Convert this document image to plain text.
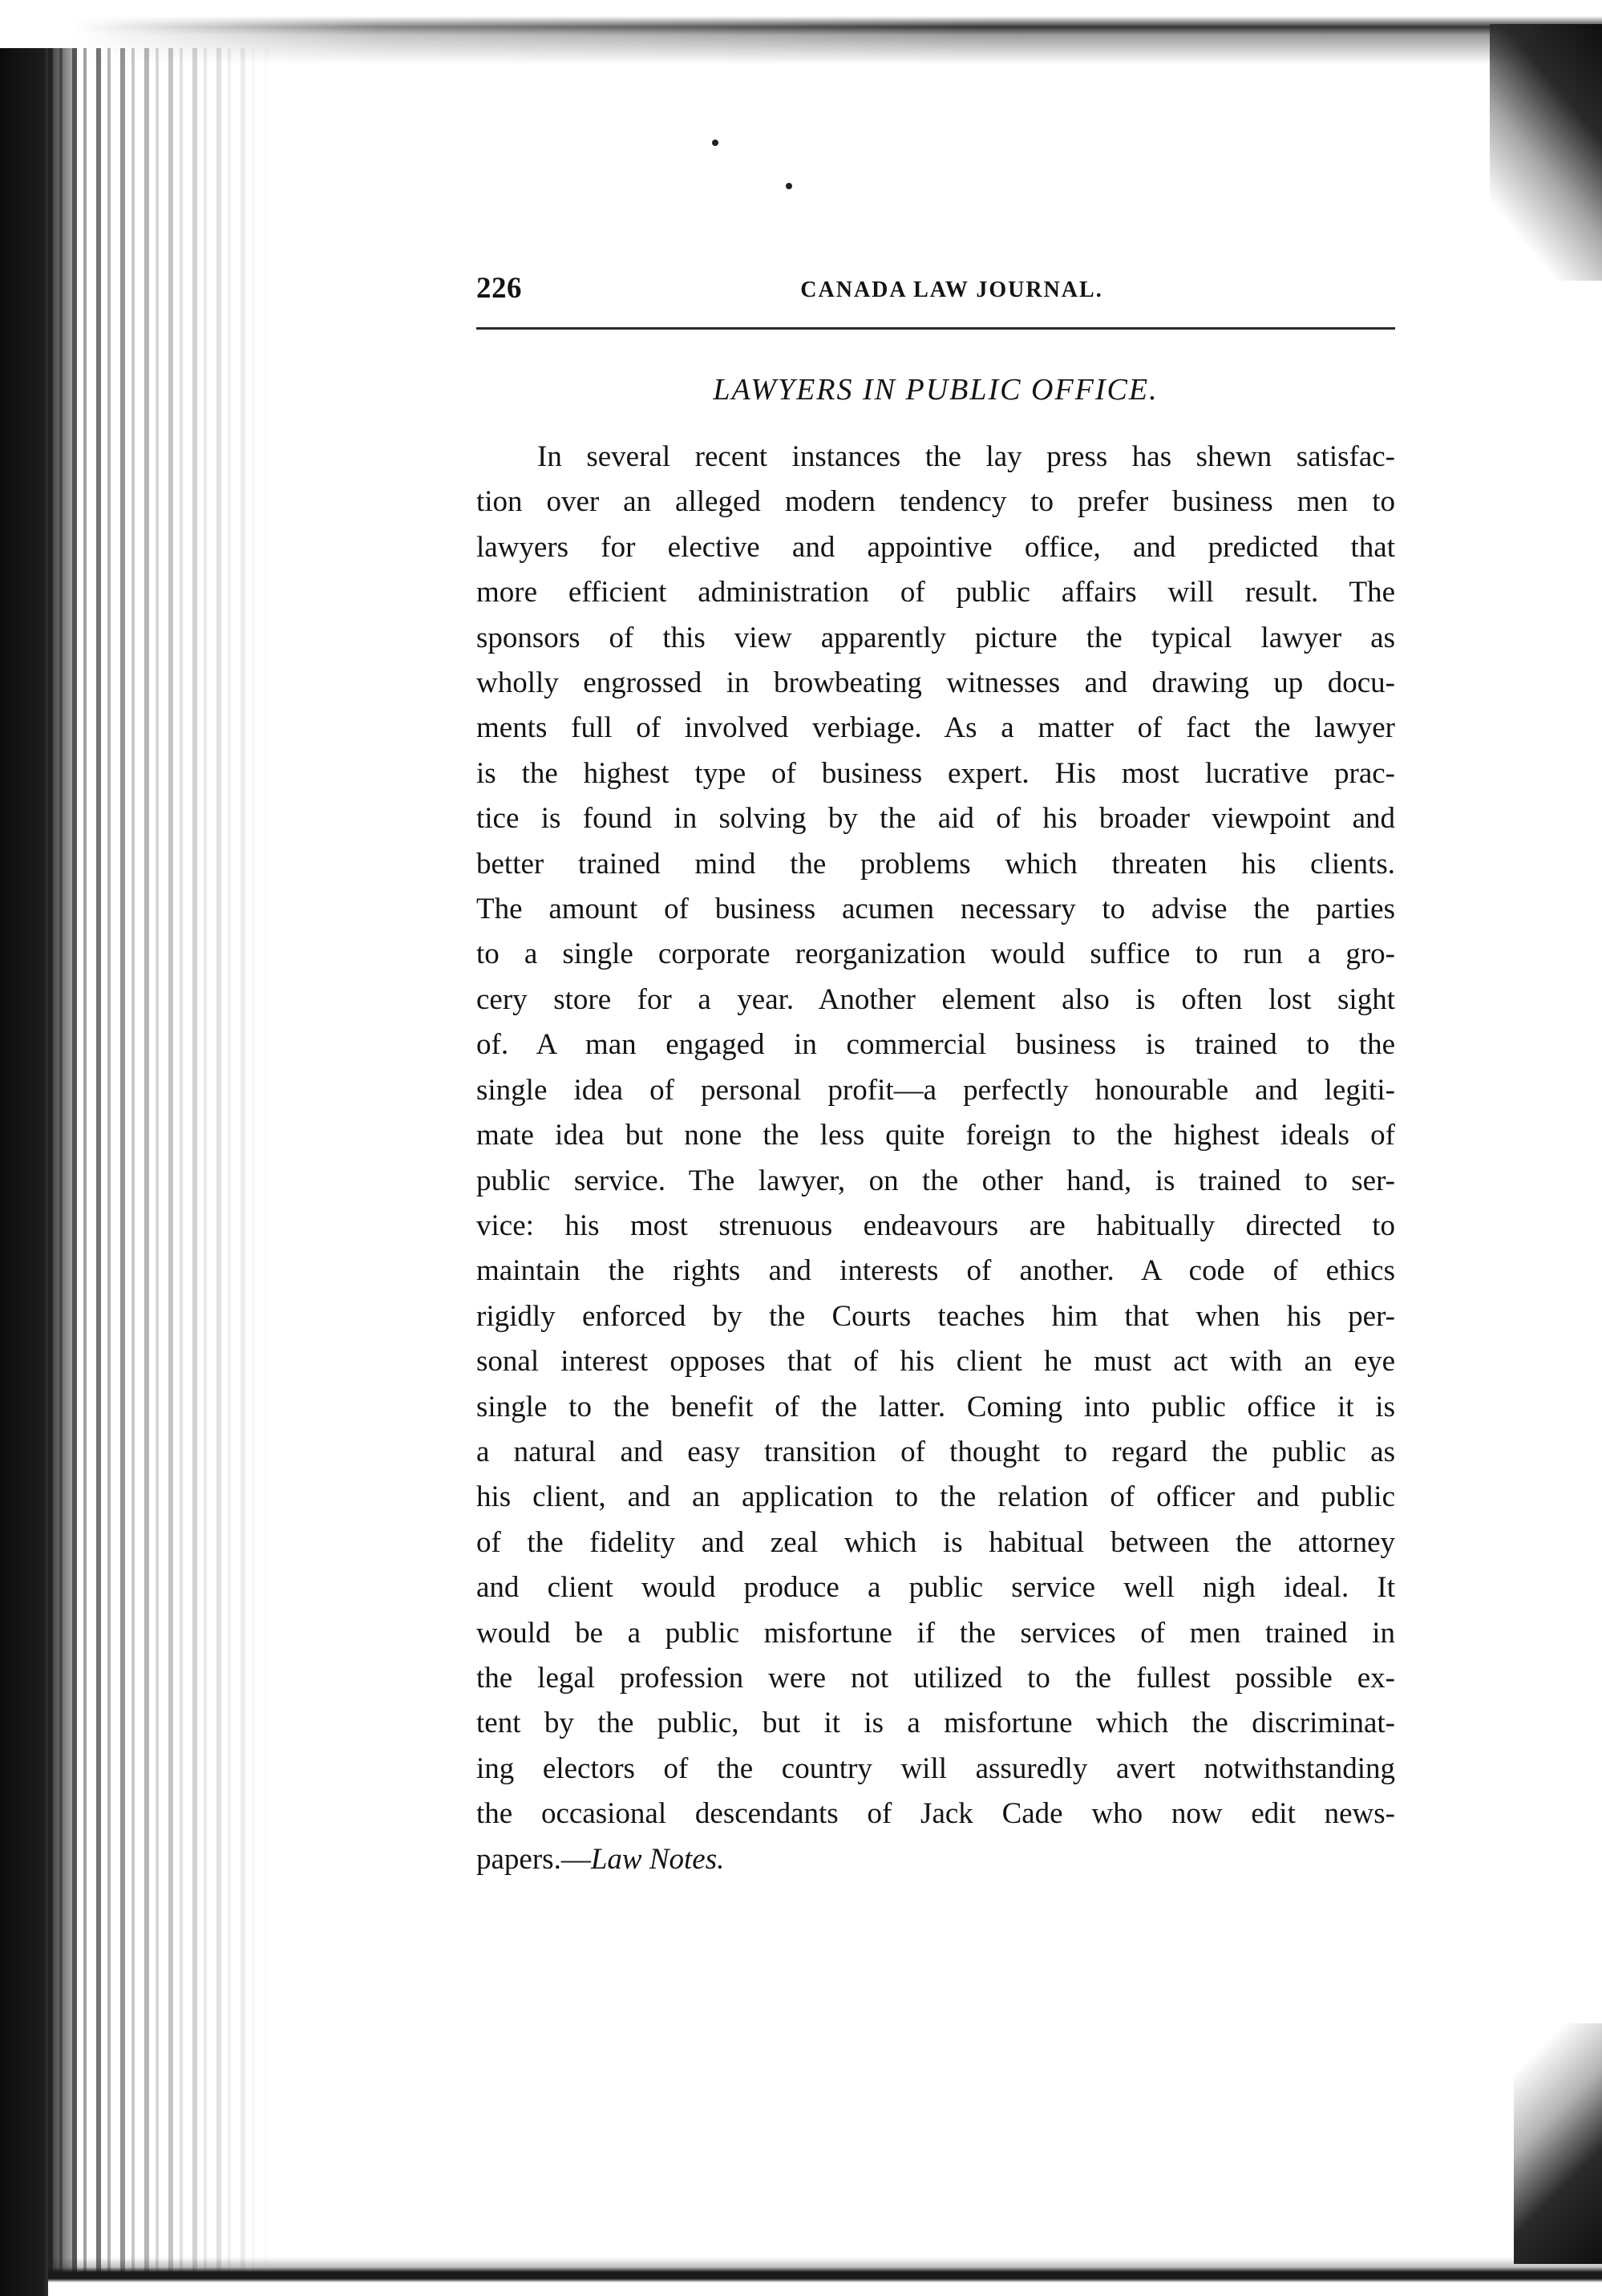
226	CANADA LAW JOURNAL.
LAWYERS IN PUBLIC OFFICE.
In several recent instances the lay press has shewn satisfac-
tion over an alleged modern tendency to prefer business men to
lawyers for elective and appointive office, and predicted that
more efficient administration of public affairs will result. The
sponsors of this view apparently picture the typical lawyer as
wholly engrossed in browbeating witnesses and drawing up docu-
ments full of involved verbiage. As a matter of fact the lawyer
is the highest type of business expert. His most lucrative prac-
tice is found in solving by the aid of his broader viewpoint and
better trained mind the problems which threaten his clients.
The amount of business acumen necessary to advise the parties
to a single corporate reorganization would suffice to run a gro-
cery store for a year. Another element also is often lost sight
of. A man engaged in commercial business is trained to the
single idea of personal profit—a perfectly honourable and legiti-
mate idea but none the less quite foreign to the highest ideals of
public service. The lawyer, on the other hand, is trained to ser-
vice: his most strenuous endeavours are habitually directed to
maintain the rights and interests of another. A code of ethics
rigidly enforced by the Courts teaches him that when his per-
sonal interest opposes that of his client he must act with an eye
single to the benefit of the latter. Coming into public office it is
a natural and easy transition of thought to regard the public as
his client, and an application to the relation of officer and public
of the fidelity and zeal which is habitual between the attorney
and client would produce a public service well nigh ideal. It
would be a public misfortune if the services of men trained in
the legal profession were not utilized to the fullest possible ex-
tent by the public, but it is a misfortune which the discriminat-
ing electors of the country will assuredly avert notwithstanding
the occasional descendants of Jack Cade who now edit news-
papers.—Law Notes.
